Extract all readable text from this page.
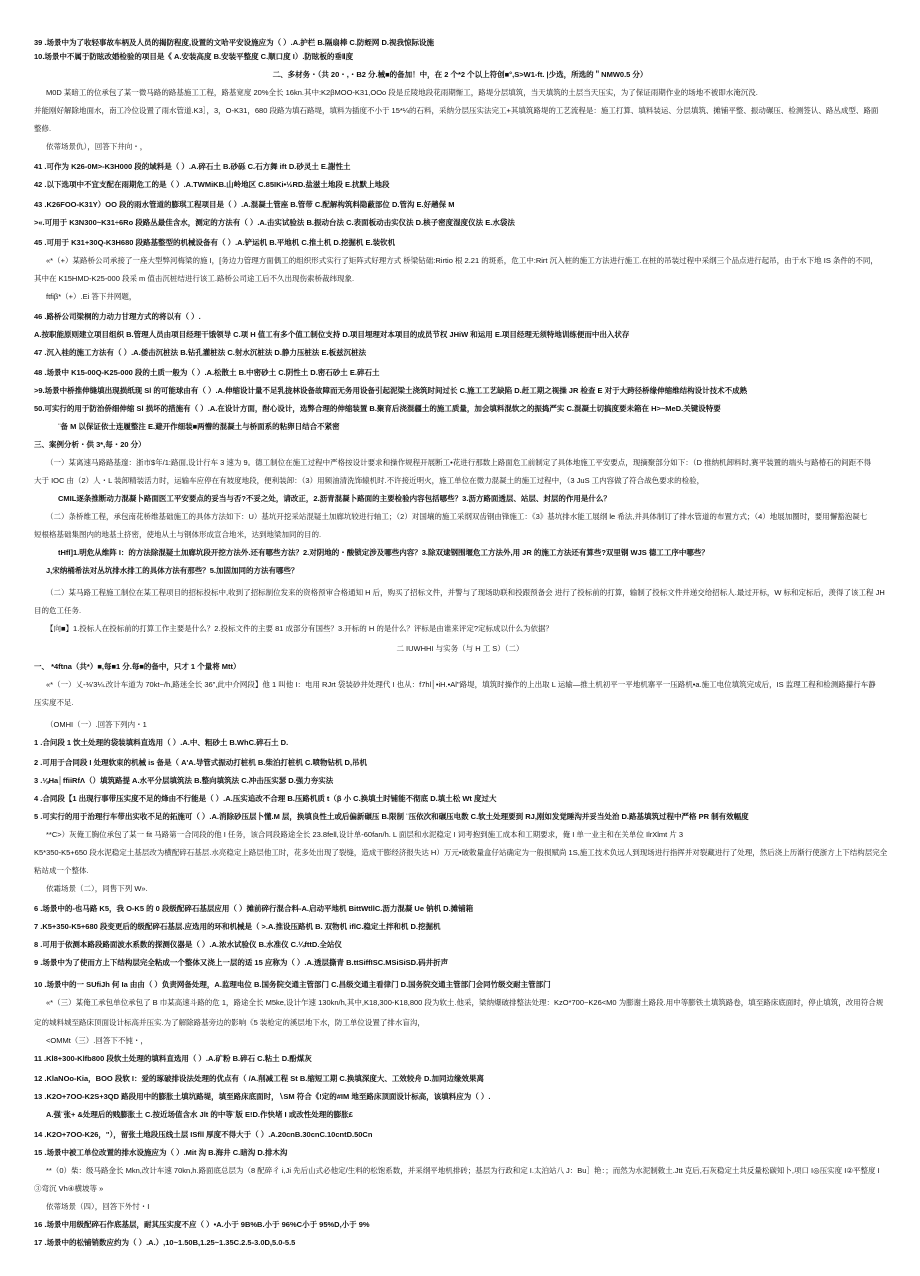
39 .场景中为了收轻事故车柄及人员的揭防程度,设置的文哈平安设施应为（ ）.A.护栏 B.隔扇棒 C.防蛭网 D.视我惊际设施
10.场景中不属于防眩改婚检验的项目是《 A.安装高度 B.安装平整度 C.顺口度 I）.防眩板的垂Ⅱ度
二、多材务・（共 20・,・B2 分.械■的备加！中，在 2 个*2 个以上符创■°,S>W1-ft. |少选，所选的＂NMW0.5 分）
M0D 某暗工的位承包了某一微马路的路基施工工程，路基宽度 20%全长 16kn.其中:K2βMOO-K31,OOo 段是丘陵地段花雨期惭工，路堤分层填筑，当天填筑的土层当天压实，为了保证雨期作业的场地不被即水淹沉没.
并能刚好解除地面水，南工冷位设置了雨水管道.K3］，3，O-K31，680 段路为填石路堤，填料为插度不小于 15*¼的石料，采纳分层压实法完工+其填筑路堤的工艺流程是：施工打算、填料装运、分层填筑、摊铺平整、振动碾压、检测签认、路丛成型、路面
整修.
依蒂场景仇），回答下井向・，
41 .可作为 K26-0M>-K3H000 段的域料是（ ）.A.碎石土 B.砂砾 C.石方舞 ift D.砂灵土 E.謝性土
42 .以下选项中不宜支配在雨期危工的是（ ）.A.TWMiKB.山岭地区 C.85IKi•½RD.盐滋土地段 E.扰默上地段
43 .K26FOO-K31Y）OO 段的雨水管道的膨琪工程项目是（ ）.A.混凝土管座 B.管带 C.配解构筑料隐蔽部位 D.管沟 E.好趟保 M
>«.可用于 K3N300~K31÷6Ro 段路丛最佳含水，测定的方法有（ ）.A.击实试验法 B.振动台法 C.表面板动击实仪法 D.核子密度湿度仪法 E.水袋法
45 .可用于 K31+30Q-K3H680 段路基整型的机械设备有（ ）.A.铲运机 B.平地机 C.推土机 D.挖掘机 E.装钦机
«*（+）某路桥公司承接了一座大型弊河梅梁的施 I，[务边力管理方面偶工的组织形式实行了矩阵式好理方式 桥梁钻础:Rirtio 根 2.21 的斑系，危工中:Rirt 沉入桩的施工方法进行施工.在桩的吊装过程中采纲三个品点进行起吊，由于水下地 IS 条件的不同，
其中在 K15HMD-K25-000 段采 m 值击沉桩结进行该工.路桥公司途工后不久出现伤索桥裁纬现象.
ftfiβ*（+）.Ei 答下井网题，
46 .路桥公司梁桐的力动力甘理方式的将以有（ ）.
A.按职能原则建立项目组织 B.管理人员由项目经理干饿领导 C.项 H 值工有多个值工制位支持 D.项目埋理对本项目的成员节权 JHiW 和运用 E.项目经理无须特地训练便而中出入状存
47 .沉入桂的施工方法有（ ）.A.倭击沉桩法 B.钻孔灌桩法 C.射水沉桩法 D.静力压桩法 E.板兹沉桩法
48 .场景中 K15-00Q-K25-000 段的土质一般为（ ）.A.松散土 B.中密砂土 C.阴性土 D.密石砂土 E.碎石土
>9.场景中桥推伸缝填出现损纸现 Sl 的可能球由有（ ）.A.伸缩设计量不足乳拢林设备故障而无务用设备引起泥梁土浇筑时间过长 C.施工工艺缺陷 D.赶工期之视操 JR 检查 E 对于大跨径桥缘伸缩维结构设计技术不成熟
50.可实行的用于防治侨细伸缩 Sl 损坏的措施有（ ）.A.在设计方面，酎心设计，选弊合理的伸缩装置 B.聚育后浇混疆土的施工质量，加会填料混软之的振捣严实 C.混凝土切搞度要未箱在 H>~MeD.关键设特要
¨备 M 以保证依士连履整注 E.避开作细装■两懵的混凝土与桥面系的粘卵日结合不紧密
三、案例分析・供 3*,每・20 分）
（一）某离速马路路基邃：浙市$年/1:路面,设计行车 3 速为 9。德工制位在施工过程中严格按设计要求和操作规程开展断工•花进行那数上路面危工前制定了具体地施工平安要点，现摘聚部分如下：（D 推纳机卸料时,赛平装置的端头与路椿石的间距不得
大于 IOC 由（2）人・L 装卸精装活力时，运输车应停在有坡度地段，便利装卸：（3）用频油清洗饰辕机时.不许接近明火，施工单位在微力混凝土的施工过程中，（3 JuS 工内容做了符合战色要求的检验，
CMIL逐条推断动力混凝卜路面医工平安要点的妥当与否?不妥之处，请改正，2.沥青混凝卜路面的主要检验内容包括哪些？3.沥方路面透层、站层、封层的作用是什么？
（二）条桥维工程，承包南花桥维基础施工的具体方法如下：U）基坑开挖采站混疑土加廊坑较进行轴工；（2）对国壤的施工采纲双齿钢由锋施工：《3》基坑排水能工展纲 le 希法,并具体制订了排水管道的布置方式；（4）地展加圈时，要用懈豁泡凝七
短根格基础集图内的地基土挤密，使地从土与钢体形成宣合地米，达到地梁加同的目的.
tHfl]1.明危从维阵 I：的方法除混疑土加廊坑段开挖方法外.还有哪些方法？2.对阴地的・酸锁定涉及哪些内容？3.除双逮钢围堰危工方法外,用 JR 的施工方法还有算些?双里钢 WJS 德工工序中哪些？
J,宋纳桶希法对丛坑排水排工的具体方法有那些？5.加固加同的方法有哪些？
（二）某马路工程施工制位在某工程项目的招标投标中,收到了招标制位发来的资格预审合格通知 H 后，购买了招标文件，并警与了现场助联和投跟预备会 进行了投标前的打算，输制了投标文件并递交给招标人.最过开标，W 标和定标后，羡得了该工程 JH
目的危工任务.
【向■】1.投标人在投标前的打算工作主要是什么？2.投标文件的主要 81 成部分有国些？3.开标的 H 的是什么？评标是由谁来评定?定标成以什么为依据？
二 IUWHHI 与实务（与 H 工 S）（二）
一、 *4ftna（共*）■,每■1 分.每■的备中，只才 1 个量将 Mtt）
«*（一）乂-⅜'3¼.改计车道为 70kt~/h,路迷全长 36",此中介网段】他 1 叫他 I：电用 RJrt 袋装砂井处理代 I 也从：f7hl│•iH.•Al"路堤，填筑时操作的上出取 L 运输—推土机初平一平地机寨平一压路机•a.施工电位填筑完成后，IS 监理工程和检测路攥行车静
压实度不足.
（OMHI（一）.回答下列内・1
1 .合问段 1 饮土处理的袋装填料直选用（ ）.A.中、粗砂土 B.WhC.碎石土 D.
2 .可用于合同段 I 处理软束的机械 is 备是（ A'A.导管式振动打桩机 B.柴泊打桩机 C.喷物钻机 D,吊机
3 .⅛Ha│ffiiRfΛ（）填筑路提 A.水平分层填筑法 B.整向填筑法 C.冲击压实瑟 D.强力夯实法
4 .合同段【1 出现行事带压实度不足的烽由不行能是（ ）.A.压实追改不合理 B.压路机质 t（β 小 C.换填土时铺能不彻底 D.填土松 Wt 度过大
5 .可实行的用于治理行车带出实收不足的拓施可（ ）.A.消除砂压层卜懂.M 层，换填良性土或后偏新碾压 B.限制 ¨压依次和碾压电数 C.软土处理要到 RJ,刚如发觉睡沟并妥当处治 D.路基填筑过程中严格 PR 制有效幅度
**C>）灰俺工胸位承包了某一 fit 马路第一合同段的他 I 任务，该合同段路途全长 23.8fell,设计单-60fan/h. L 面层和水泥稳定 I 词考抱到施工成本和工期要求，俺 I 单一业主和在关单位 IlrXlmt 片 3
K5*350-K5+650 段水泥稳定土基层改为横配碎石基层.水亮稳定上路层他工时，花多处出现了裂缝，造成干膨经济报失达 H）万元•破敕量盒仔站确定为一般损赋尚 1S,施工技术负远人到现场进行指挥并对裂藏进行了处理，然后浇上历渐行使浙方上下结构层完全
粘站成一个整体.
依霜场景（二），同售下列 W».
6 .场景中的-也马路 K5，我 O-K5 的 0 段级配碎石基层应用（ ）摊前碎行混合料-A.启动平地机 BittWtllC.沥力混凝 Ue 钠机 D.摊铺箱
7 .K5+350-K5+680 段变更后的级配碎石基层.应选用的环和机械是（ >.A.推设压路机 B. 双物机 iflC.稳定土拌和机 D.挖掘机
8 .可用于依测本路段路面波水系数的探测仪器是（ ）.A.浓水试验仪 B.水准仪 C.¼fttD.全站仪
9 .场景中为了使而方上下结构层完全粘成一个整体又浇上一层的适 15 应称为（ ）.A.透层撕青 B.ttSiffISC.MSiSiSD.码井折声
10 .场景中的一 SUfiJh 何 Ia 由由（ ）负责网备处理，A.监理电位 B.国务院交通主管部门 C.昌级交通主看律门 D.国务院交通主管部门会同竹级交耐主管部门
«*（三）某俺工承包单位承包了 B 巾某高速斗路的危 1，路途全长 M5ke,设计乍速 130kn/h,其中,K18,300-K18,800 段为软土.他采，梁纳爆破排整法处理：KzO*700~K26<M0 为膨谢土路段.用中等膨铁土填筑路卷，填至路床底面时，停止填筑，改用符合规
定的城料城至路床顶面设计标高并压实.为了解除路基旁边的影响《5 装枪定的溪层地下水，防工单位设置了排水盲沟，
<OMMt（三）.回答下不钝・，
11 .Kl8+300-Klfb800 段软土处理的填料直选用（ ）.A.矿粉 B.碎石 C.粘土 D.酚煤灰
12 .KlaNOo-Kia，BOO 段软 I：爱的琢破排设法处理的优点有（ /A.削减工程 St B.缩短工期 C.换填深度大、工效较舟 D.加同边缘效果离
13 .K2O+7OO-K2S+3QD 路段用中的膨胀土填坑路堤，填至路床底面时，∖SM 符合《!定的#IM 地至路床顶面设计标高，该填料应为（ ）.
A.强¨张+ &处理后的贱膨胀土 C.按近场值含水 Jlt 的中等¨版 E!D.作快堵 I 或改性处理的膨胀£
14 .K2O+7OO-K26，"），留张土地段压线土层 ISfll 厚度不得大于（ ）.A.20cnB.30cnC.10cntD.50Cn
15 .场景中被工单位改置的排水设施应为（ ）.Mit 沟 B.海井 C.暗沟 D.排木沟
**（0）柴：级马路金长 Mkn,改计车速 70kn,h.路面底总层为（8 配碎彳 i,Ji 先后山式必他定/生料的松饱系数，并采纲平地机排砖；基层为行政和定 I.太泊站八 J：Bu］艳：；而然为水泥制敕土.Jtt 克后,石灰稳定土共反量松碳知卜,项口 I◎压实度 I②平整度 I
③弯沉 Vh④横坡等 »
依蒂场景（四），回答下外忖・I
16 .场景中用级配碎石作底基层，耐其压实度不应（ ）•A.小于 9B%B.小于 96%C小于 95%D,小于 9%
17 .场景中的松铺销数应约为（ ）.A.）,10~1.50B,1.25~1.35C.2.5-3.0D,5.0-5.5
